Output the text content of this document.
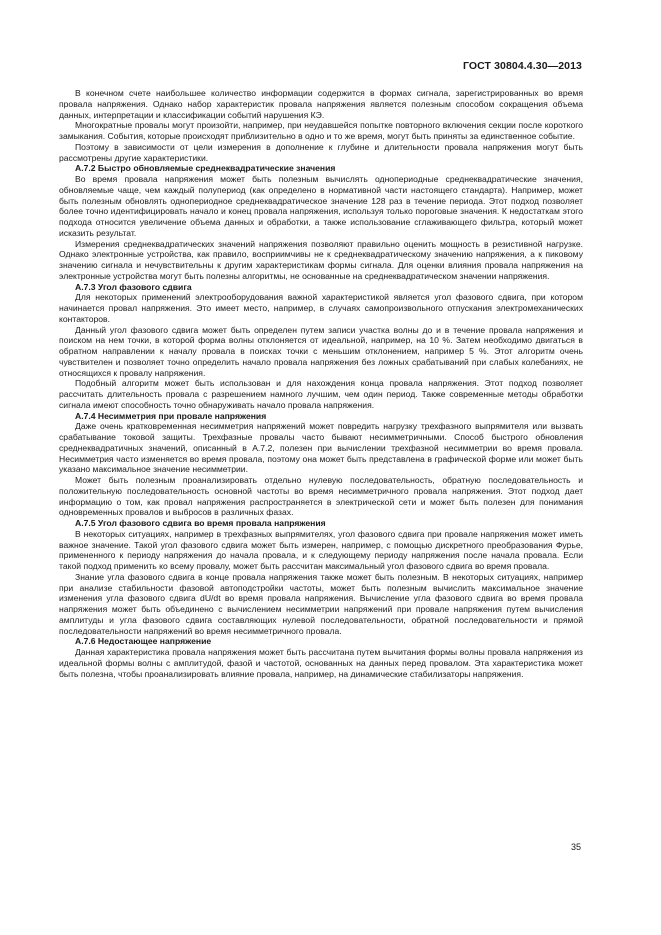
ГОСТ 30804.4.30—2013

В конечном счете наибольшее количество информации содержится в формах сигнала, зарегистрированных во время провала напряжения. Однако набор характеристик провала напряжения является полезным способом сокращения объема данных, интерпретации и классификации событий нарушения КЭ.

Многократные провалы могут произойти, например, при неудавшейся попытке повторного включения секции после короткого замыкания. События, которые происходят приблизительно в одно и то же время, могут быть приняты за единственное событие.

Поэтому в зависимости от цели измерения в дополнение к глубине и длительности провала напряжения могут быть рассмотрены другие характеристики.

А.7.2 Быстро обновляемые среднеквадратические значения

Во время провала напряжения может быть полезным вычислять однопериодные среднеквадратические значения, обновляемые чаще, чем каждый полупериод (как определено в нормативной части настоящего стандарта). Например, может быть полезным обновлять однопериодное среднеквадратическое значение 128 раз в течение периода. Этот подход позволяет более точно идентифицировать начало и конец провала напряжения, используя только пороговые значения. К недостаткам этого подхода относится увеличение объема данных и обработки, а также использование сглаживающего фильтра, который может исказить результат.

Измерения среднеквадратических значений напряжения позволяют правильно оценить мощность в резистивной нагрузке. Однако электронные устройства, как правило, восприимчивы не к среднеквадратическому значению напряжения, а к пиковому значению сигнала и нечувствительны к другим характеристикам формы сигнала. Для оценки влияния провала напряжения на электронные устройства могут быть полезны алгоритмы, не основанные на среднеквадратическом значении напряжения.

А.7.3 Угол фазового сдвига

Для некоторых применений электрооборудования важной характеристикой является угол фазового сдвига, при котором начинается провал напряжения. Это имеет место, например, в случаях самопроизвольного отпускания электромеханических контакторов.

Данный угол фазового сдвига может быть определен путем записи участка волны до и в течение провала напряжения и поиском на нем точки, в которой форма волны отклоняется от идеальной, например, на 10 %. Затем необходимо двигаться в обратном направлении к началу провала в поисках точки с меньшим отклонением, например 5 %. Этот алгоритм очень чувствителен и позволяет точно определить начало провала напряжения без ложных срабатываний при слабых колебаниях, не относящихся к провалу напряжения.

Подобный алгоритм может быть использован и для нахождения конца провала напряжения. Этот подход позволяет рассчитать длительность провала с разрешением намного лучшим, чем один период. Также современные методы обработки сигнала имеют способность точно обнаруживать начало провала напряжения.

А.7.4 Несимметрия при провале напряжения

Даже очень кратковременная несимметрия напряжений может повредить нагрузку трехфазного выпрямителя или вызвать срабатывание токовой защиты. Трехфазные провалы часто бывают несимметричными. Способ быстрого обновления среднеквадратичных значений, описанный в А.7.2, полезен при вычислении трехфазной несимметрии во время провала. Несимметрия часто изменяется во время провала, поэтому она может быть представлена в графической форме или может быть указано максимальное значение несимметрии.

Может быть полезным проанализировать отдельно нулевую последовательность, обратную последовательность и положительную последовательность основной частоты во время несимметричного провала напряжения. Этот подход дает информацию о том, как провал напряжения распространяется в электрической сети и может быть полезен для понимания одновременных провалов и выбросов в различных фазах.

А.7.5 Угол фазового сдвига во время провала напряжения

В некоторых ситуациях, например в трехфазных выпрямителях, угол фазового сдвига при провале напряжения может иметь важное значение. Такой угол фазового сдвига может быть измерен, например, с помощью дискретного преобразования Фурье, примененного к периоду напряжения до начала провала, и к следующему периоду напряжения после начала провала. Если такой подход применить ко всему провалу, может быть рассчитан максимальный угол фазового сдвига во время провала.

Знание угла фазового сдвига в конце провала напряжения также может быть полезным. В некоторых ситуациях, например при анализе стабильности фазовой автоподстройки частоты, может быть полезным вычислить максимальное значение изменения угла фазового сдвига dU/dt во время провала напряжения. Вычисление угла фазового сдвига во время провала напряжения может быть объединено с вычислением несимметрии напряжений при провале напряжения путем вычисления амплитуды и угла фазового сдвига составляющих нулевой последовательности, обратной последовательности и прямой последовательности напряжений во время несимметричного провала.

А.7.6 Недостающее напряжение

Данная характеристика провала напряжения может быть рассчитана путем вычитания формы волны провала напряжения из идеальной формы волны с амплитудой, фазой и частотой, основанных на данных перед провалом. Эта характеристика может быть полезна, чтобы проанализировать влияние провала, например, на динамические стабилизаторы напряжения.

35
